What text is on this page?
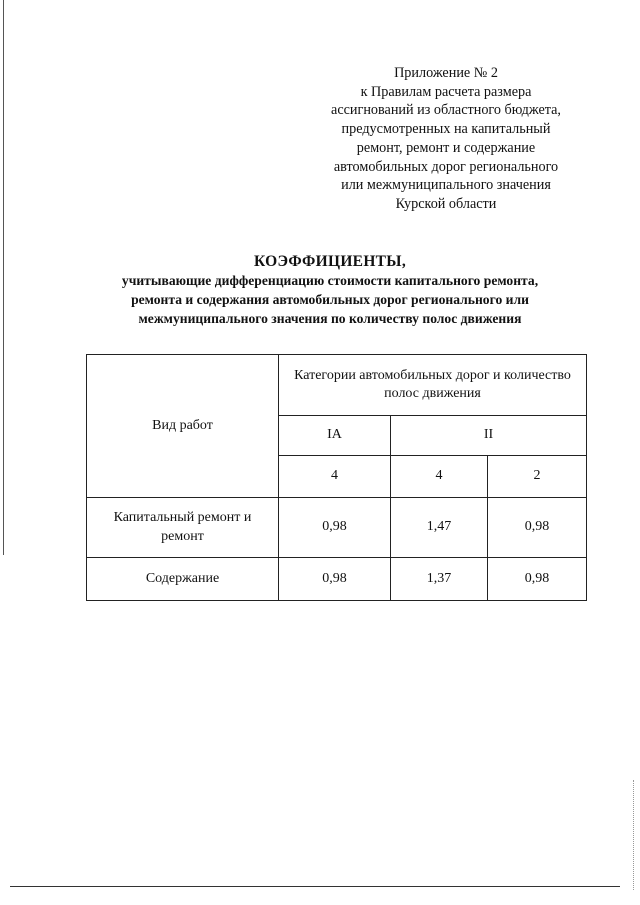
Приложение № 2
к Правилам расчета размера
ассигнований из областного бюджета,
предусмотренных на капитальный
ремонт, ремонт и содержание
автомобильных дорог регионального
или межмуниципального значения
Курской области
КОЭФФИЦИЕНТЫ,
учитывающие дифференциацию стоимости капитального ремонта,
ремонта и содержания автомобильных дорог регионального или
межмуниципального значения по количеству полос движения
Вид работ	Категории автомобильных дорог и количество полос движения		
	IA	II	
	4	4	2
Капитальный ремонт и ремонт	0,98	1,47	0,98
Содержание	0,98	1,37	0,98
